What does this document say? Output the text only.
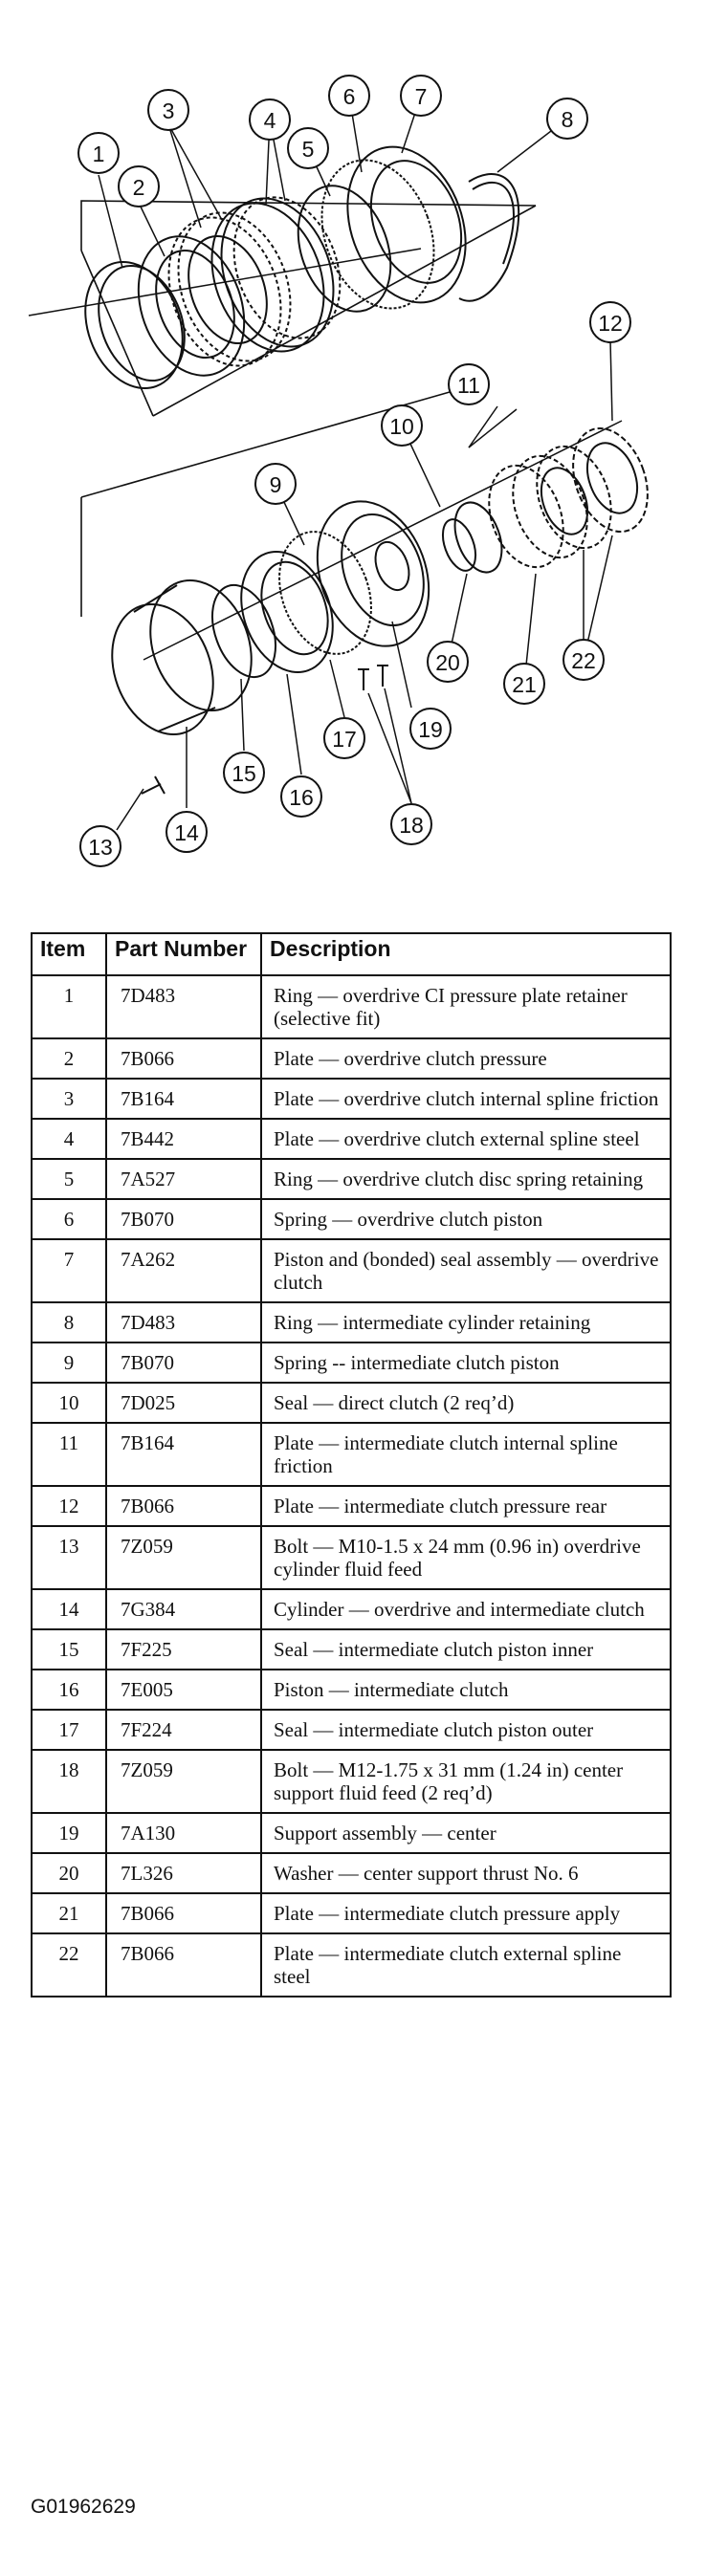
1
2
3	4
5
6	7
8
9
10
11
12
13
14
15
16
17
18
19
20
21
22
Item	Part Number	Description
1	7D483	Ring — overdrive CI pressure plate retainer (selective fit)
2	7B066	Plate — overdrive clutch pressure
3	7B164	Plate — overdrive clutch internal spline friction
4	7B442	Plate — overdrive clutch external spline steel
5	7A527	Ring — overdrive clutch disc spring retaining
6	7B070	Spring — overdrive clutch piston
7	7A262	Piston and (bonded) seal assembly — overdrive clutch
8	7D483	Ring — intermediate cylinder retaining
9	7B070	Spring -- intermediate clutch piston
10	7D025	Seal — direct clutch (2 req’d)
11	7B164	Plate — intermediate clutch internal spline friction
12	7B066	Plate — intermediate clutch pressure rear
13	7Z059	Bolt — M10-1.5 x 24 mm (0.96 in) overdrive cylinder fluid feed
14	7G384	Cylinder — overdrive and intermediate clutch
15	7F225	Seal — intermediate clutch piston inner
16	7E005	Piston — intermediate clutch
17	7F224	Seal — intermediate clutch piston outer
18	7Z059	Bolt — M12-1.75 x 31 mm (1.24 in) center support fluid feed (2 req’d)
19	7A130	Support assembly — center
20	7L326	Washer — center support thrust No. 6
21	7B066	Plate — intermediate clutch pressure apply
22	7B066	Plate — intermediate clutch external spline steel
G01962629
